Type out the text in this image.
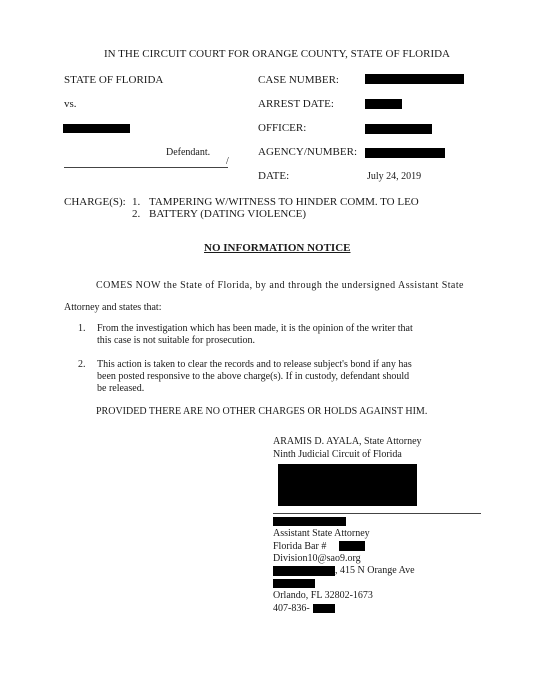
IN THE CIRCUIT COURT FOR ORANGE COUNTY, STATE OF FLORIDA
STATE OF FLORIDA
vs.
Defendant.
/
CASE NUMBER:
ARREST DATE:
OFFICER:
AGENCY/NUMBER:
DATE:	July 24, 2019
CHARGE(S): 1. TAMPERING W/WITNESS TO HINDER COMM. TO LEO
2. BATTERY (DATING VIOLENCE)
NO INFORMATION NOTICE
COMES NOW the State of Florida, by and through the undersigned Assistant State
Attorney and states that:
1. From the investigation which has been made, it is the opinion of the writer that
this case is not suitable for prosecution.
2. This action is taken to clear the records and to release subject's bond if any has
been posted responsive to the above charge(s). If in custody, defendant should
be released.
PROVIDED THERE ARE NO OTHER CHARGES OR HOLDS AGAINST HIM.
ARAMIS D. AYALA, State Attorney
Ninth Judicial Circuit of Florida
Assistant State Attorney
Florida Bar #
Division10@sao9.org
, 415 N Orange Ave
Orlando, FL 32802-1673
407-836-
